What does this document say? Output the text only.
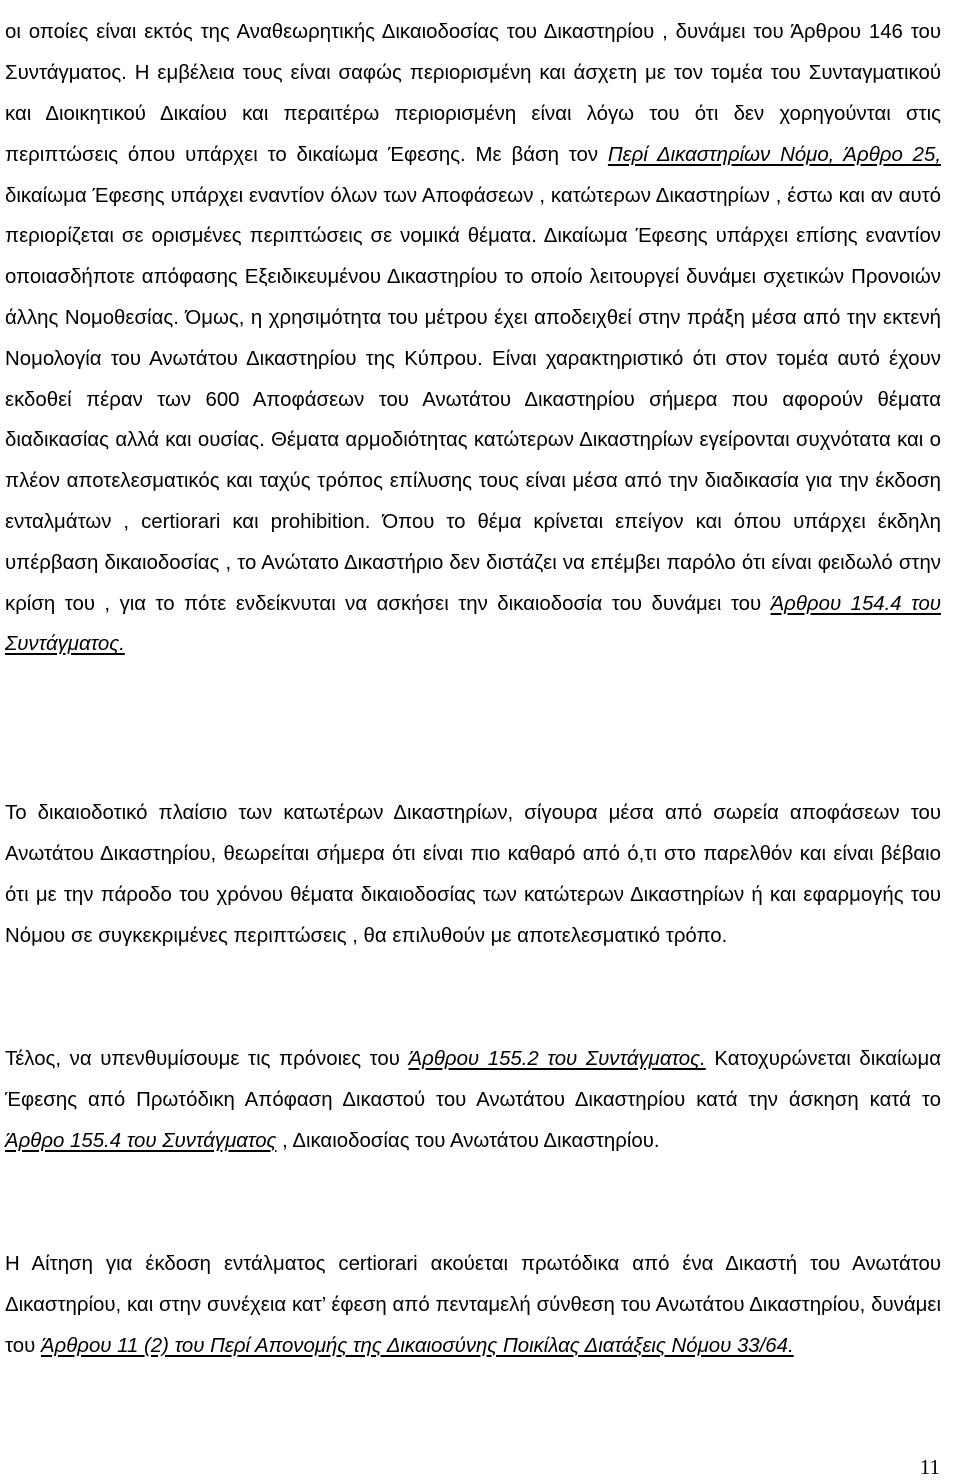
οι οποίες είναι εκτός της Αναθεωρητικής Δικαιοδοσίας του Δικαστηρίου , δυνάμει του Άρθρου 146 του Συντάγματος. Η εμβέλεια τους είναι σαφώς περιορισμένη και άσχετη με τον τομέα του Συνταγματικού και Διοικητικού Δικαίου και περαιτέρω περιορισμένη είναι λόγω του ότι δεν χορηγούνται στις περιπτώσεις όπου υπάρχει το δικαίωμα Έφεσης. Με βάση τον Περί Δικαστηρίων Νόμο, Άρθρο 25, δικαίωμα Έφεσης υπάρχει εναντίον όλων των Αποφάσεων , κατώτερων Δικαστηρίων , έστω και αν αυτό περιορίζεται σε ορισμένες περιπτώσεις σε νομικά θέματα. Δικαίωμα Έφεσης υπάρχει επίσης εναντίον οποιασδήποτε απόφασης Εξειδικευμένου Δικαστηρίου το οποίο λειτουργεί δυνάμει σχετικών Προνοιών άλλης Νομοθεσίας. Όμως, η χρησιμότητα του μέτρου έχει αποδειχθεί στην πράξη μέσα από την εκτενή Νομολογία του Ανωτάτου Δικαστηρίου της Κύπρου. Είναι χαρακτηριστικό ότι στον τομέα αυτό έχουν εκδοθεί πέραν των 600 Αποφάσεων του Ανωτάτου Δικαστηρίου σήμερα που αφορούν θέματα διαδικασίας αλλά και ουσίας. Θέματα αρμοδιότητας κατώτερων Δικαστηρίων εγείρονται συχνότατα και ο πλέον αποτελεσματικός και ταχύς τρόπος επίλυσης τους είναι μέσα από την διαδικασία για την έκδοση ενταλμάτων , certiorari και prohibition. Όπου το θέμα κρίνεται επείγον και όπου υπάρχει έκδηλη υπέρβαση δικαιοδοσίας , το Ανώτατο Δικαστήριο δεν διστάζει να επέμβει παρόλο ότι είναι φειδωλό στην κρίση του , για το πότε ενδείκνυται να ασκήσει την δικαιοδοσία του δυνάμει του Άρθρου 154.4 του Συντάγματος.

Το δικαιοδοτικό πλαίσιο των κατωτέρων Δικαστηρίων, σίγουρα μέσα από σωρεία αποφάσεων του Ανωτάτου Δικαστηρίου, θεωρείται σήμερα ότι είναι πιο καθαρό από ό,τι στο παρελθόν και είναι βέβαιο ότι με την πάροδο του χρόνου θέματα δικαιοδοσίας των κατώτερων Δικαστηρίων ή και εφαρμογής του Νόμου σε συγκεκριμένες περιπτώσεις , θα επιλυθούν με αποτελεσματικό τρόπο.

Τέλος, να υπενθυμίσουμε τις πρόνοιες του Άρθρου 155.2 του Συντάγματος. Κατοχυρώνεται δικαίωμα Έφεσης από Πρωτόδικη Απόφαση Δικαστού του Ανωτάτου Δικαστηρίου κατά την άσκηση κατά το Άρθρο 155.4 του Συντάγματος , Δικαιοδοσίας του Ανωτάτου Δικαστηρίου.

Η Αίτηση για έκδοση εντάλματος certiorari ακούεται πρωτόδικα από ένα Δικαστή του Ανωτάτου Δικαστηρίου, και στην συνέχεια κατ’ έφεση από πενταμελή σύνθεση του Ανωτάτου Δικαστηρίου, δυνάμει του Άρθρου 11 (2) του Περί Απονομής της Δικαιοσύνης Ποικίλας Διατάξεις Νόμου 33/64.

11
